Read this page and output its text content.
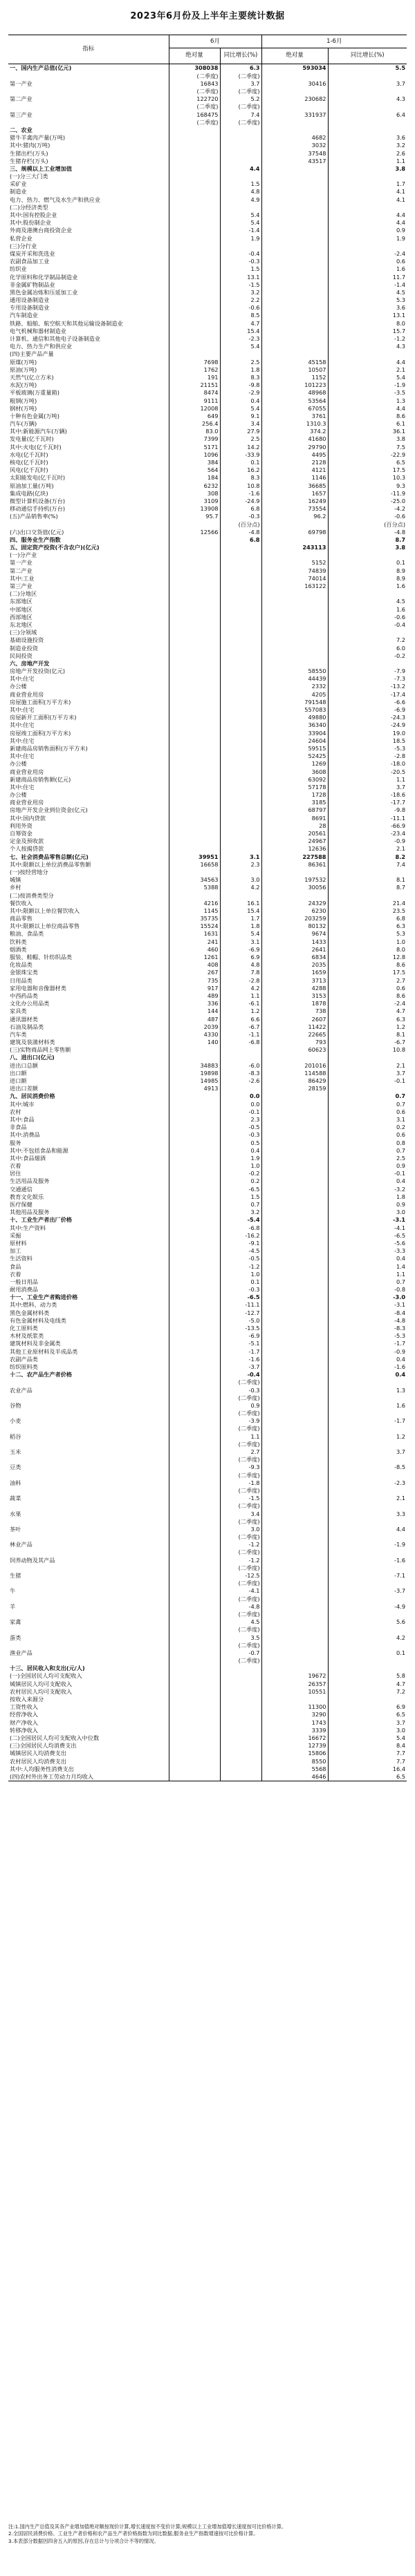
2023年6月份及上半年主要统计数据
指标	6月		1-6月	
	绝对量	同比增长(%)	绝对量	同比增长(%)
一、国内生产总值(亿元)	308038	6.3	593034	5.5
	(二季度)	(二季度)		
第一产业	16843	3.7	30416	3.7
	(二季度)	(二季度)		
第二产业	122720	5.2	230682	4.3
	(二季度)	(二季度)		
第三产业	168475	7.4	331937	6.4
	(二季度)	(二季度)		
二、农业				
猪牛羊禽肉产量(万吨)			4682	3.6
其中:猪肉(万吨)			3032	3.2
生猪出栏(万头)			37548	2.6
生猪存栏(万头)			43517	1.1
三、规模以上工业增加值		4.4		3.8
(一)分三大门类				
采矿业		1.5		1.7
制造业		4.8		4.1
电力、热力、燃气及水生产和供应业		4.9		4.1
(二)分经济类型				
其中:国有控股企业		5.4		4.4
其中:股份制企业		5.4		4.4
外商及港澳台商投资企业		-1.4		0.9
私营企业		1.9		1.9
(三)分行业				
煤炭开采和洗选业		-0.4		-2.4
农副食品加工业		-0.3		0.6
纺织业		1.5		1.6
化学原料和化学制品制造业		13.1		11.7
非金属矿物制品业		-1.5		-1.4
黑色金属冶炼和压延加工业		3.2		4.5
通用设备制造业		2.2		5.3
专用设备制造业		-0.6		3.6
汽车制造业		8.5		13.1
铁路、船舶、航空航天和其他运输设备制造业		4.7		8.0
电气机械和器材制造业		15.4		15.7
计算机、通信和其他电子设备制造业		-2.3		-1.2
电力、热力生产和供应业		5.4		4.3
(四)主要产品产量				
原煤(万吨)	7698	2.5	45158	4.4
原油(万吨)	1762	1.8	10507	2.1
天然气(亿立方米)	191	8.3	1152	5.4
水泥(万吨)	21151	-9.8	101223	-1.9
平板玻璃(万重量箱)	8474	-2.9	48968	-3.5
粗钢(万吨)	9111	0.4	53564	1.3
钢材(万吨)	12008	5.4	67055	4.4
十种有色金属(万吨)	649	9.1	3761	8.6
汽车(万辆)	256.4	3.4	1310.3	6.1
其中:新能源汽车(万辆)	83.0	27.9	374.2	36.1
发电量(亿千瓦时)	7399	2.5	41680	3.8
其中:火电(亿千瓦时)	5171	14.2	29790	7.5
水电(亿千瓦时)	1096	-33.9	4495	-22.9
核电(亿千瓦时)	384	0.1	2128	6.5
风电(亿千瓦时)	564	16.2	4121	17.5
太阳能发电(亿千瓦时)	184	8.3	1146	10.3
原油加工量(万吨)	6232	10.8	36685	9.3
集成电路(亿块)	308	-1.6	1657	-11.9
微型计算机设备(万台)	3109	-24.9	16249	-25.0
移动通信手持机(万台)	13908	6.8	73554	-4.2
(五)产品销售率(%)	95.7	-0.3	96.2	-0.6
		(百分点)		(百分点)
(六)出口交货值(亿元)	12566	-4.8	69798	-4.8
四、服务业生产指数		6.8		8.7
五、固定资产投资(不含农户)(亿元)			243113	3.8
(一)分产业				
第一产业			5152	0.1
第二产业			74839	8.9
其中:工业			74014	8.9
第三产业			163122	1.6
(二)分地区				
东部地区				4.5
中部地区				1.6
西部地区				-0.6
东北地区				-0.4
(三)分领域				
基础设施投资				7.2
制造业投资				6.0
民间投资				-0.2
六、房地产开发				
房地产开发投资(亿元)			58550	-7.9
其中:住宅			44439	-7.3
办公楼			2332	-13.2
商业营业用房			4205	-17.4
房屋施工面积(万平方米)			791548	-6.6
其中:住宅			557083	-6.9
房屋新开工面积(万平方米)			49880	-24.3
其中:住宅			36340	-24.9
房屋竣工面积(万平方米)			33904	19.0
其中:住宅			24604	18.5
新建商品房销售面积(万平方米)			59515	-5.3
其中:住宅			52425	-2.8
办公楼			1269	-18.0
商业营业用房			3608	-20.5
新建商品房销售额(亿元)			63092	1.1
其中:住宅			57178	3.7
办公楼			1728	-18.6
商业营业用房			3185	-17.7
房地产开发企业到位资金(亿元)			68797	-9.8
其中:国内贷款			8691	-11.1
利用外资			28	-66.9
自筹资金			20561	-23.4
定金及预收款			24967	-0.9
个人按揭贷款			12636	2.1
七、社会消费品零售总额(亿元)	39951	3.1	227588	8.2
其中:限额以上单位消费品零售额	16658	2.3	86361	7.4
(一)按经营地分				
城镇	34563	3.0	197532	8.1
乡村	5388	4.2	30056	8.7
(二)按消费类型分				
餐饮收入	4216	16.1	24329	21.4
其中:限额以上单位餐饮收入	1145	15.4	6230	23.5
商品零售	35735	1.7	203259	6.8
其中:限额以上单位商品零售	15524	1.8	80132	6.3
粮油、食品类	1631	5.4	9674	5.3
饮料类	241	3.1	1433	1.0
烟酒类	460	-6.9	2641	8.0
服装、鞋帽、针纺织品类	1261	6.9	6834	12.8
化妆品类	408	4.8	2035	8.6
金银珠宝类	267	7.8	1659	17.5
日用品类	735	-2.8	3713	2.7
家用电器和音像器材类	917	4.2	4288	0.6
中西药品类	489	1.1	3153	8.6
文化办公用品类	336	-6.1	1878	-2.4
家具类	144	1.2	738	4.7
通讯器材类	487	6.6	2607	6.3
石油及制品类	2039	-6.7	11422	1.2
汽车类	4330	-1.1	22665	8.1
建筑及装潢材料类	140	-6.8	793	-6.7
(三)实物商品网上零售额			60623	10.8
八、进出口(亿元)				
进出口总额	34883	-6.0	201016	2.1
出口额	19898	-8.3	114588	3.7
进口额	14985	-2.6	86429	-0.1
进出口差额	4913		28159	
九、居民消费价格		0.0		0.7
其中:城市		0.0		0.7
农村		-0.1		0.6
其中:食品		2.3		3.1
非食品		-0.5		0.2
其中:消费品		-0.3		0.6
服务		0.5		0.8
其中:不包括食品和能源		0.4		0.7
其中:食品烟酒		1.9		2.5
衣着		1.0		0.9
居住		-0.2		-0.1
生活用品及服务		0.2		0.4
交通通信		-6.5		-3.2
教育文化娱乐		1.5		1.8
医疗保健		0.7		0.9
其他用品及服务		3.2		3.0
十、工业生产者出厂价格		-5.4		-3.1
其中:生产资料		-6.8		-4.1
采掘		-16.2		-6.5
原材料		-9.1		-5.6
加工		-4.5		-3.3
生活资料		-0.5		0.4
食品		-1.2		1.4
衣着		1.0		1.1
一般日用品		0.1		0.7
耐用消费品		-0.3		-0.8
十一、工业生产者购进价格		-6.5		-3.0
其中:燃料、动力类		-11.1		-3.1
黑色金属材料类		-12.7		-8.4
有色金属材料及电线类		-5.0		-4.8
化工原料类		-13.5		-8.3
木材及纸浆类		-6.9		-5.3
建筑材料及非金属类		-5.1		-1.7
其他工业原材料及半成品类		-1.7		-0.9
农副产品类		-1.6		0.4
纺织原料类		-3.7		-1.6
十二、农产品生产者价格		-0.4		0.4
		(二季度)		
农业产品		-0.3		1.3
		(二季度)		
谷物		0.9		1.6
		(二季度)		
小麦		-3.9		-1.7
		(二季度)		
稻谷		1.1		1.2
		(二季度)		
玉米		2.7		3.7
		(二季度)		
豆类		-9.3		-8.5
		(二季度)		
油料		-1.8		-2.3
		(二季度)		
蔬菜		-1.5		2.1
		(二季度)		
水果		3.4		3.3
		(二季度)		
茶叶		3.0		4.4
		(二季度)		
林业产品		-1.2		-1.9
		(二季度)		
饲养动物及其产品		-1.2		-1.6
		(二季度)		
生猪		-12.5		-7.1
		(二季度)		
牛		-4.1		-3.7
		(二季度)		
羊		-4.8		-4.9
		(二季度)		
家禽		4.5		5.6
		(二季度)		
蛋类		3.5		4.2
		(二季度)		
渔业产品		-0.7		0.1
		(二季度)		
十三、居民收入和支出(元/人)				
(一)全国居民人均可支配收入			19672	5.8
城镇居民人均可支配收入			26357	4.7
农村居民人均可支配收入			10551	7.2
按收入来源分				
工资性收入			11300	6.9
经营净收入			3290	6.5
财产净收入			1743	3.7
转移净收入			3339	3.0
(二)全国居民人均可支配收入中位数			16672	5.4
(三)全国居民人均消费支出			12739	8.4
城镇居民人均消费支出			15806	7.7
农村居民人均消费支出			8550	7.7
其中:人均服务性消费支出			5568	16.4
(四)农村外出务工劳动力月均收入			4646	6.5
注:1.国内生产总值及其各产业增加值绝对额按现价计算,增长速度按不变价计算;规模以上工业增加值增长速度按可比价格计算。
2.全国居民消费价格、工业生产者价格和农产品生产者价格指数为同比数据;服务业生产指数增速按可比价格计算。
3.本表部分数据因四舍五入的原因,存在总计与分项合计不等的情况。
